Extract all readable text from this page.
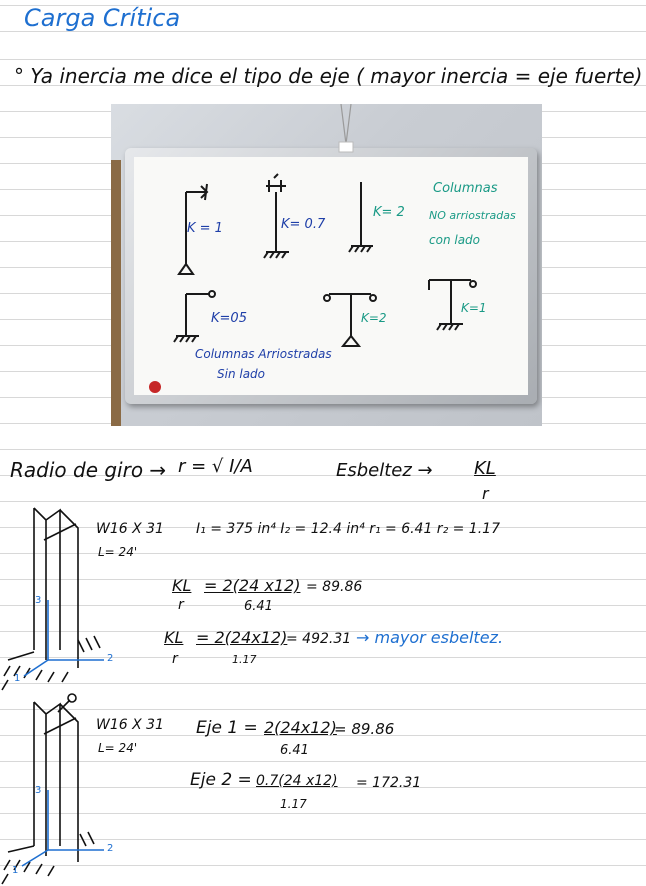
Carga Crítica
° Ya inercia me dice el tipo de eje ( mayor inercia = eje fuerte)
K = 1	K= 0.7
K= 2
Columnas
NO arriostradas
con lado
K=05	K=2
K=1
Columnas Arriostradas
Sin lado
Radio de giro → r = √ I/A	Esbeltez → KL
r
3
2
1
3
2
1
W16 X 31
L= 24'
I₁ = 375 in⁴ I₂ = 12.4 in⁴ r₁ = 6.41 r₂ = 1.17
KL
r
= 2(24 x12)
6.41
= 89.86
KL
r
= 2(24x12)
1.17
= 492.31 → mayor esbeltez.
W16 X 31
L= 24'
Eje 1 = 2(24x12)
6.41
= 89.86
Eje 2 = 0.7(24 x12)
1.17
= 172.31
